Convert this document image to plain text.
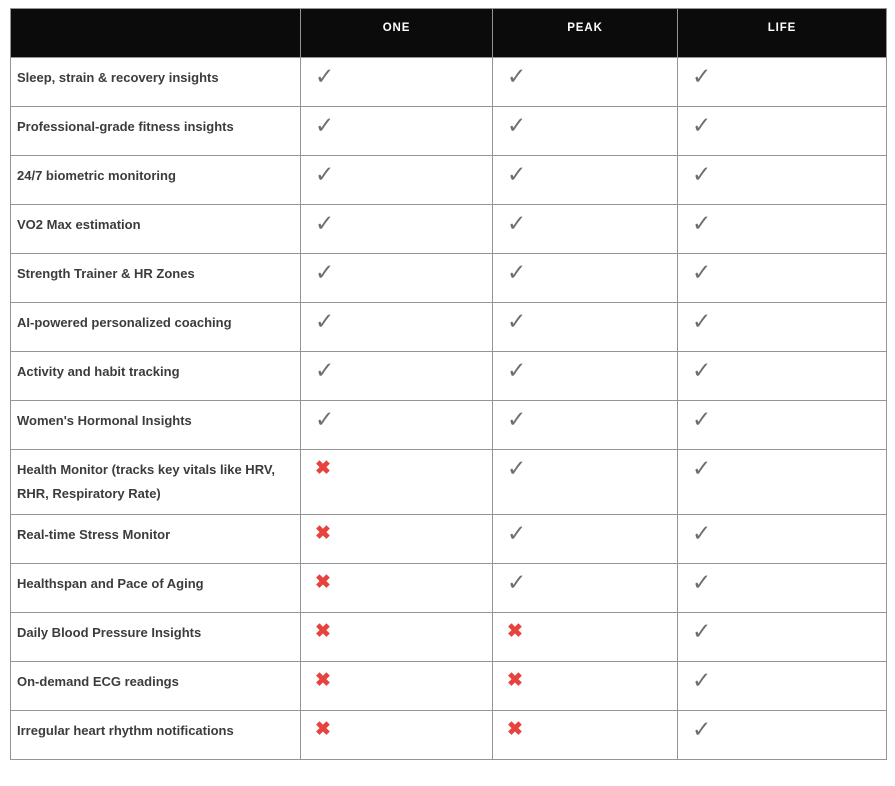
	ONE	PEAK	LIFE
Sleep, strain & recovery insights	✓	✓	✓
Professional-grade fitness insights	✓	✓	✓
24/7 biometric monitoring	✓	✓	✓
VO2 Max estimation	✓	✓	✓
Strength Trainer & HR Zones	✓	✓	✓
AI-powered personalized coaching	✓	✓	✓
Activity and habit tracking	✓	✓	✓
Women's Hormonal Insights	✓	✓	✓
Health Monitor (tracks key vitals like HRV, RHR, Respiratory Rate)	✖	✓	✓
Real-time Stress Monitor	✖	✓	✓
Healthspan and Pace of Aging	✖	✓	✓
Daily Blood Pressure Insights	✖	✖	✓
On-demand ECG readings	✖	✖	✓
Irregular heart rhythm notifications	✖	✖	✓
